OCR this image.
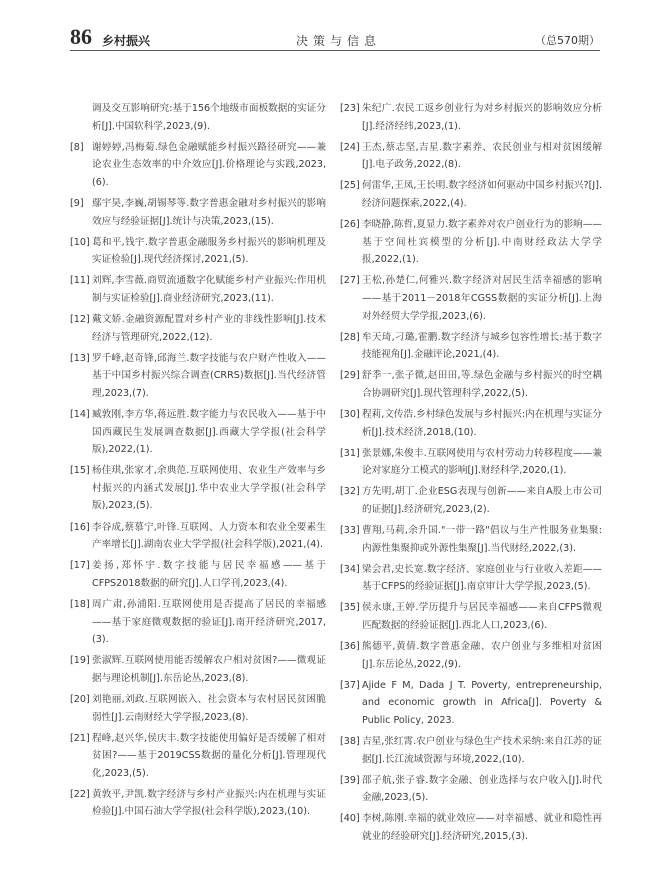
86 乡村振兴	决策与信息	（总570期）
调及交互影响研究:基于156个地级市面板数据的实证分析[J].中国软科学,2023,(9).
[8] 谢婷婷,冯梅菊.绿色金融赋能乡村振兴路径研究——兼论农业生态效率的中介效应[J].价格理论与实践,2023,(6).
[9] 鄢宇昊,李巍,胡锡琴等.数字普惠金融对乡村振兴的影响效应与经验证据[J].统计与决策,2023,(15).
[10] 葛和平,钱宇.数字普惠金融服务乡村振兴的影响机理及实证检验[J].现代经济探讨,2021,(5).
[11] 刘辉,李雪薇.商贸流通数字化赋能乡村产业振兴:作用机制与实证检验[J].商业经济研究,2023,(11).
[12] 戴文娇.金融资源配置对乡村产业的非线性影响[J].技术经济与管理研究,2022,(12).
[13] 罗千峰,赵奇锋,邱海兰.数字技能与农户财产性收入——基于中国乡村振兴综合调查(CRRS)数据[J].当代经济管理,2023,(7).
[14] 臧敦刚,李方华,蒋远胜.数字能力与农民收入——基于中国西藏民生发展调查数据[J].西藏大学学报(社会科学版),2022,(1).
[15] 杨佳琪,张家才,余典范.互联网使用、农业生产效率与乡村振兴的内涵式发展[J].华中农业大学学报(社会科学版),2023,(5).
[16] 李谷成,蔡慕宁,叶锋.互联网、人力资本和农业全要素生产率增长[J].湖南农业大学学报(社会科学版),2021,(4).
[17] 姜扬,郑怀宇.数字技能与居民幸福感——基于CFPS2018数据的研究[J].人口学刊,2023,(4).
[18] 周广肃,孙浦阳.互联网使用是否提高了居民的幸福感——基于家庭微观数据的验证[J].南开经济研究,2017,(3).
[19] 张淑辉.互联网使用能否缓解农户相对贫困?——微观证据与理论机制[J].东岳论丛,2023,(8).
[20] 刘艳丽,刘政.互联网嵌入、社会资本与农村居民贫困脆弱性[J].云南财经大学学报,2023,(8).
[21] 程峰,赵兴华,侯庆丰.数字技能使用偏好是否缓解了相对贫困?——基于2019CSS数据的量化分析[J].管理现代化,2023,(5).
[22] 黄敦平,尹凯.数字经济与乡村产业振兴:内在机理与实证检验[J].中国石油大学学报(社会科学版),2023,(10).
[23] 朱纪广.农民工返乡创业行为对乡村振兴的影响效应分析[J].经济经纬,2023,(1).
[24] 王杰,蔡志坚,吉星.数字素养、农民创业与相对贫困缓解[J].电子政务,2022,(8).
[25] 何雷华,王凤,王长明.数字经济如何驱动中国乡村振兴?[J].经济问题探索,2022,(4).
[26] 李晓静,陈哲,夏显力.数字素养对农户创业行为的影响——基于空间杜宾模型的分析[J].中南财经政法大学学报,2022,(1).
[27] 王松,孙楚仁,何雅兴.数字经济对居民生活幸福感的影响——基于2011－2018年CGSS数据的实证分析[J].上海对外经贸大学学报,2023,(6).
[28] 牟天琦,刁璐,霍鹏.数字经济与城乡包容性增长:基于数字技能视角[J].金融评论,2021,(4).
[29] 舒季一,张子微,赵田田,等.绿色金融与乡村振兴的时空耦合协调研究[J].现代管理科学,2022,(5).
[30] 程莉,文传浩.乡村绿色发展与乡村振兴:内在机理与实证分析[J].技术经济,2018,(10).
[31] 张景娜,朱俊丰.互联网使用与农村劳动力转移程度——兼论对家庭分工模式的影响[J].财经科学,2020,(1).
[32] 方先明,胡丁.企业ESG表现与创新——来自A股上市公司的证据[J].经济研究,2023,(2).
[33] 曹翔,马莉,余升国."一带一路"倡议与生产性服务业集聚:内源性集聚抑或外源性集聚[J].当代财经,2022,(3).
[34] 梁会君,史长宽.数字经济、家庭创业与行业收入差距——基于CFPS的经验证据[J].南京审计大学学报,2023,(5).
[35] 侯永康,王婷.学历提升与居民幸福感——来自CFPS微观匹配数据的经验证据[J].西北人口,2023,(6).
[36] 熊德平,黄倩.数字普惠金融、农户创业与多维相对贫困[J].东岳论丛,2022,(9).
[37] Ajide F M, Dada J T. Poverty, entrepreneurship, and economic growth in Africa[J]. Poverty & Public Policy, 2023.
[38] 吉星,张红霄.农户创业与绿色生产技术采纳:来自江苏的证据[J].长江流域资源与环境,2022,(10).
[39] 邵子航,张子睿.数字金融、创业选择与农户收入[J].时代金融,2023,(5).
[40] 李树,陈刚.幸福的就业效应——对幸福感、就业和隐性再就业的经验研究[J].经济研究,2015,(3).
